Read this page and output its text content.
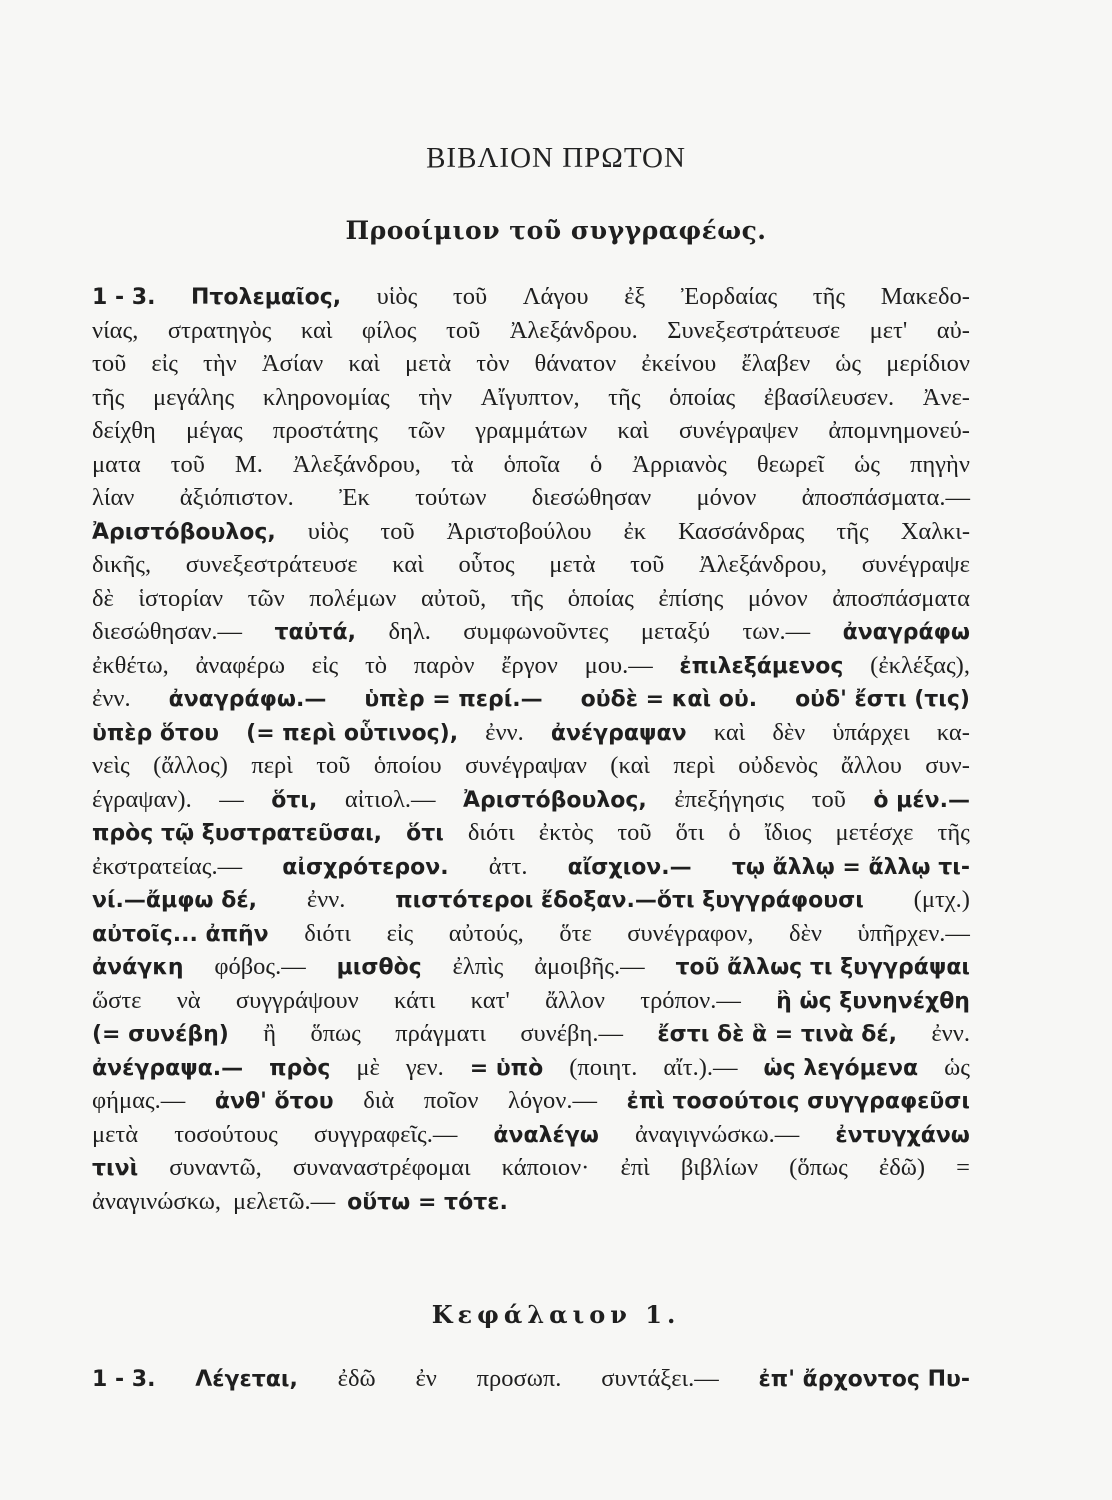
ΒΙΒΛΙΟΝ ΠΡΩΤΟΝ
Προοίμιον τοῦ συγγραφέως.
1 - 3. Πτολεμαῖος, υἱὸς τοῦ Λάγου ἐξ Ἐορδαίας τῆς Μακεδο-
νίας, στρατηγὸς καὶ φίλος τοῦ Ἀλεξάνδρου. Συνεξεστράτευσε μετ' αὐ-
τοῦ εἰς τὴν Ἀσίαν καὶ μετὰ τὸν θάνατον ἐκείνου ἔλαβεν ὡς μερίδιον
τῆς μεγάλης κληρονομίας τὴν Αἴγυπτον, τῆς ὁποίας ἐβασίλευσεν. Ἀνε-
δείχθη μέγας προστάτης τῶν γραμμάτων καὶ συνέγραψεν ἀπομνημονεύ-
ματα τοῦ Μ. Ἀλεξάνδρου, τὰ ὁποῖα ὁ Ἀρριανὸς θεωρεῖ ὡς πηγὴν
λίαν ἀξιόπιστον. Ἐκ τούτων διεσώθησαν μόνον ἀποσπάσματα.—
Ἀριστόβουλος, υἱὸς τοῦ Ἀριστοβούλου ἐκ Κασσάνδρας τῆς Χαλκι-
δικῆς, συνεξεστράτευσε καὶ οὗτος μετὰ τοῦ Ἀλεξάνδρου, συνέγραψε
δὲ ἱστορίαν τῶν πολέμων αὐτοῦ, τῆς ὁποίας ἐπίσης μόνον ἀποσπάσματα
διεσώθησαν.— ταὐτά, δηλ. συμφωνοῦντες μεταξύ των.— ἀναγράφω
ἐκθέτω, ἀναφέρω εἰς τὸ παρὸν ἔργον μου.— ἐπιλεξάμενος (ἐκλέξας),
ἐνν. ἀναγράφω.— ὑπὲρ = περί.— οὐδὲ = καὶ οὐ. οὐδ' ἔστι (τις)
ὑπὲρ ὅτου (= περὶ οὗτινος), ἐνν. ἀνέγραψαν καὶ δὲν ὑπάρχει κα-
νεὶς (ἄλλος) περὶ τοῦ ὁποίου συνέγραψαν (καὶ περὶ οὐδενὸς ἄλλου συν-
έγραψαν). — ὅτι, αἰτιολ.— Ἀριστόβουλος, ἐπεξήγησις τοῦ ὁ μέν.—
πρὸς τῷ ξυστρατεῦσαι, ὅτι διότι ἐκτὸς τοῦ ὅτι ὁ ἴδιος μετέσχε τῆς
ἐκστρατείας.— αἰσχρότερον. ἀττ. αἴσχιον.— τῳ ἄλλῳ = ἄλλῳ τι-
νί.—ἄμφω δέ, ἐνν. πιστότεροι ἔδοξαν.—ὅτι ξυγγράφουσι (μτχ.)
αὐτοῖς... ἀπῆν διότι εἰς αὐτούς, ὅτε συνέγραφον, δὲν ὑπῆρχεν.—
ἀνάγκη φόβος.— μισθὸς ἐλπὶς ἀμοιβῆς.— τοῦ ἄλλως τι ξυγγράψαι
ὥστε νὰ συγγράψουν κάτι κατ' ἄλλον τρόπον.— ἢ ὡς ξυνηνέχθη
(= συνέβη) ἢ ὅπως πράγματι συνέβη.— ἔστι δὲ ἃ = τινὰ δέ, ἐνν.
ἀνέγραψα.— πρὸς μὲ γεν. = ὑπὸ (ποιητ. αἴτ.).— ὡς λεγόμενα ὡς
φήμας.— ἀνθ' ὅτου διὰ ποῖον λόγον.— ἐπὶ τοσούτοις συγγραφεῦσι
μετὰ τοσούτους συγγραφεῖς.— ἀναλέγω ἀναγιγνώσκω.— ἐντυγχάνω
τινὶ συναντῶ, συναναστρέφομαι κάποιον· ἐπὶ βιβλίων (ὅπως ἐδῶ) =
ἀναγινώσκω, μελετῶ.— οὕτω = τότε.
Κεφάλαιον 1.
1 - 3. Λέγεται, ἐδῶ ἐν προσωπ. συντάξει.— ἐπ' ἄρχοντος Πυ-
